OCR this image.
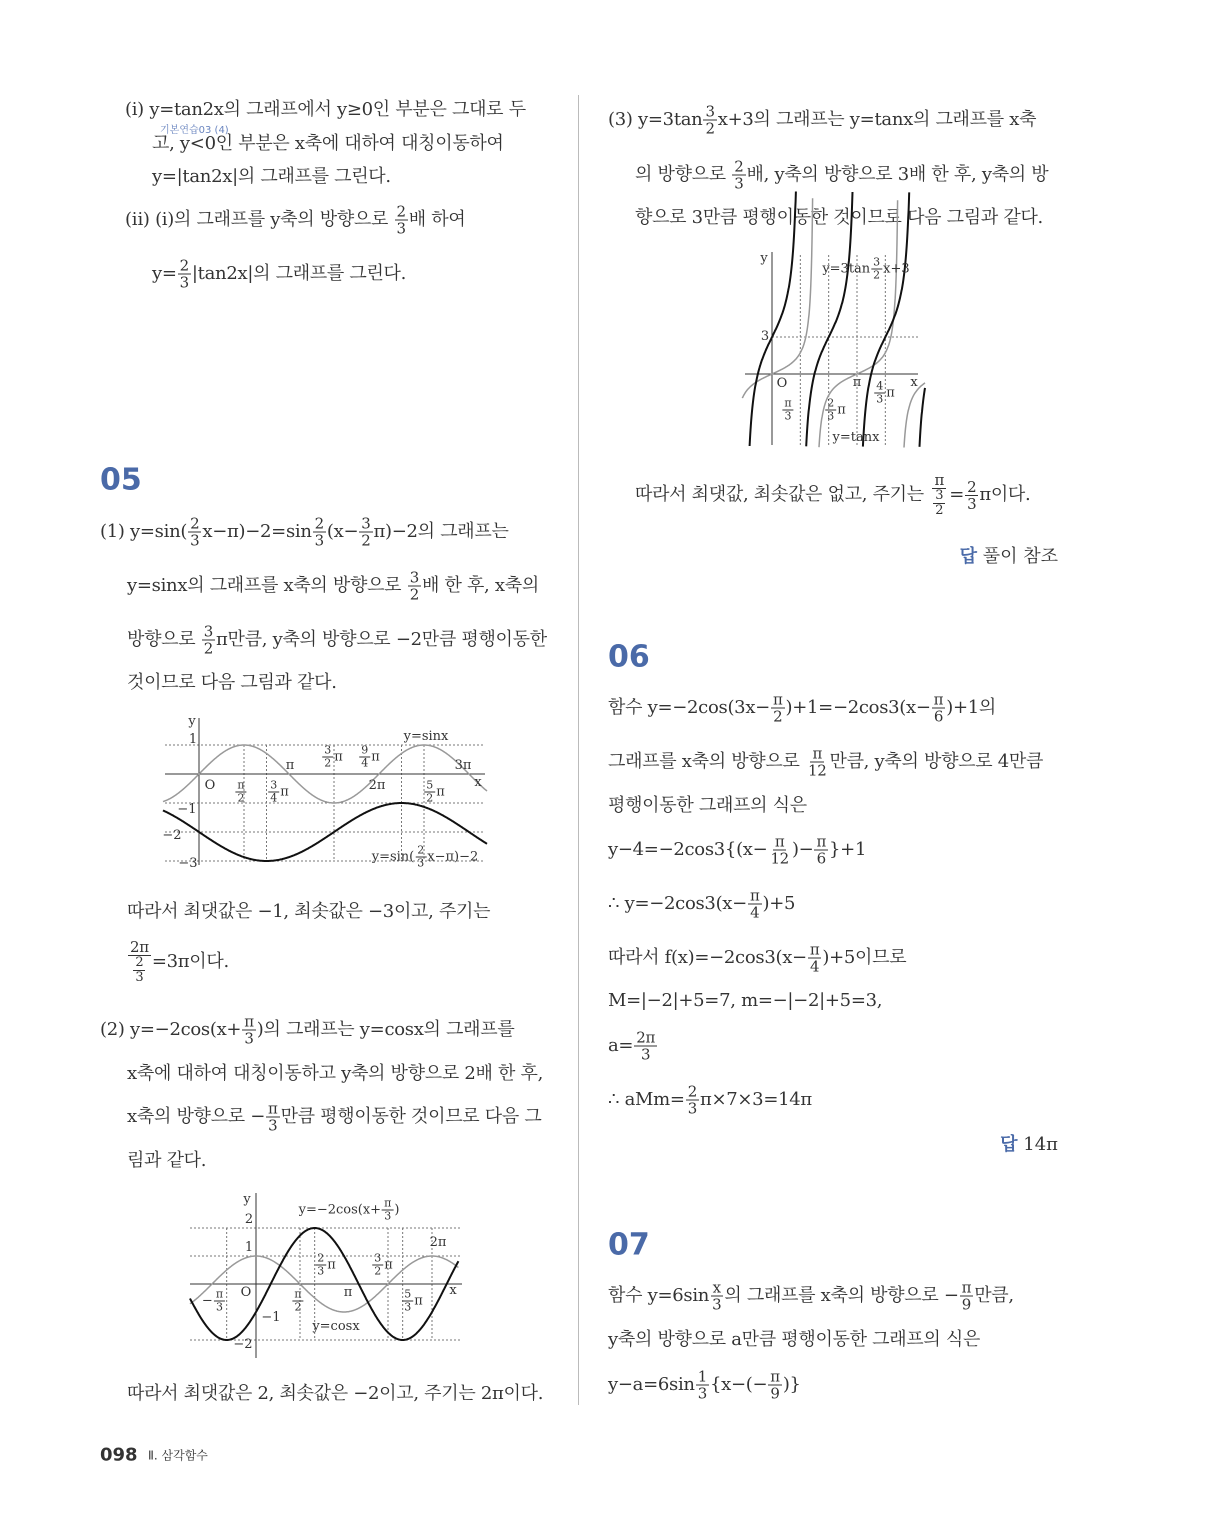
(ⅰ) y=tan2x의 그래프에서 y≥0인 부분은 그대로 두
기본연습03 (4)
고, y<0인 부분은 x축에 대하여 대칭이동하여
y=|tan2x|의 그래프를 그린다.
(ⅱ) (ⅰ)의 그래프를 y축의 방향으로 $\frac{2}{3}$ 배 하여
$y= \frac{2}{3} |\tan 2x|$의 그래프를 그린다.
05
(1) $y=\sin( \frac{2}{3} x-\pi)-2=\sin \frac{2}{3} (x- \frac{3}{2} \pi)-2$의 그래프는
y=sinx의 그래프를 x축의 방향으로 $\frac{3}{2}$ 배 한 후, x축의
방향으로 $\frac{3}{2}$ π만큼, y축의 방향으로 −2만큼 평행이동한
것이므로 다음 그림과 같다.
따라서 최댓값은 −1, 최솟값은 −3이고, 주기는
$\frac{2\pi}{\frac{2}{3}} =3\pi$이다.
(2) $y=-2\cos(x+ \frac{\pi}{3}$ )의 그래프는 y=cosx의 그래프를
x축에 대하여 대칭이동하고 y축의 방향으로 2배 한 후,
x축의 방향으로 − $\frac{\pi}{3}$ 만큼 평행이동한 것이므로 다음 그
림과 같다.
따라서 최댓값은 2, 최솟값은 −2이고, 주기는 2π이다.
(3) $y=3\tan \frac{3}{2} x+3$의 그래프는 y=tanx의 그래프를 x축
의 방향으로 $\frac{2}{3}$ 배, y축의 방향으로 3배 한 후, y축의 방
향으로 3만큼 평행이동한 것이므로 다음 그림과 같다.
따라서 최댓값, 최솟값은 없고, 주기는 $\frac{\pi}{\frac{3}{2}} = \frac{2}{3}$ π이다.
답 풀이 참조
06
함수 $y=-2\cos(3x- \frac{\pi}{2} )+1=-2\cos 3(x- \frac{\pi}{6} )+1$의
그래프를 x축의 방향으로 $\frac{\pi}{12}$ 만큼, y축의 방향으로 4만큼
평행이동한 그래프의 식은
$y-4=-2\cos 3\{(x- \frac{\pi}{12}$ )− $\frac{\pi}{6} \}+1$
∴ $y=-2\cos 3(x- \frac{\pi}{4} )+5$
따라서 $f(x)=-2\cos 3(x- \frac{\pi}{4} )+5$이므로
M=|−2|+5=7, m=−|−2|+5=3,
$a= \frac{2\pi}{3}$
∴ $aMm= \frac{2}{3} \pi\times 7\times 3=14\pi$
답 14π
07
함수 $y=6\sin \frac{x}{3}$ 의 그래프를 x축의 방향으로 − $\frac{\pi}{9}$ 만큼,
y축의 방향으로 a만큼 평행이동한 그래프의 식은
$y-a=6\sin \frac{1}{3} \{x-(- \frac{\pi}{9}$ )}
y
1
−1
−2
−3
O $\frac{\pi}{2} \frac{3}{4}$ π
π	$\frac{3}{2}$ π $\frac{9}{4}$ π
2π	$\frac{5}{2}$ π
3π
x
y=sinx
$y=\sin( \frac{2}{3} x-\pi)-2$
y
2
1
−1
−2
O
− $\frac{\pi}{3}$	$\frac{\pi}{2}$	π
$\frac{2}{3}$ π	$\frac{3}{2}$ π
2π
$\frac{5}{3}$ π
x
$y=-2\cos(x+ \frac{\pi}{3}$ )
y=cosx
y
3
O
$\frac{\pi}{3}$	$\frac{2}{3}$ π
π $\frac{4}{3}$ π
x
$y=3\tan \frac{3}{2} x+3$
y=tanx
098 Ⅱ. 삼각함수
